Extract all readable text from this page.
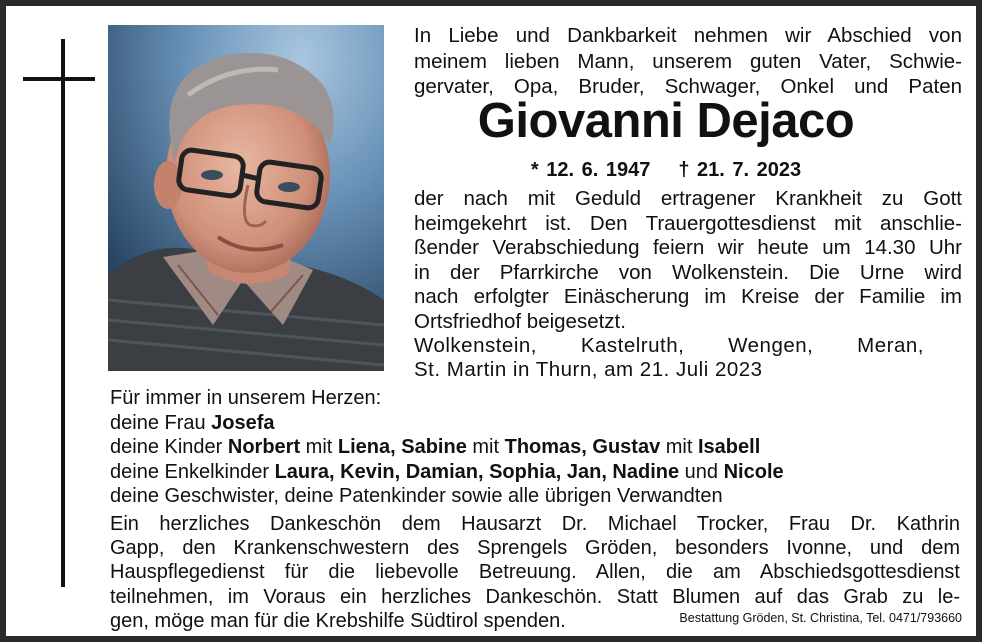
In Liebe und Dankbarkeit nehmen wir Abschied von
meinem lieben Mann, unserem guten Vater, Schwie-
gervater, Opa, Bruder, Schwager, Onkel und Paten
Giovanni Dejaco
* 12. 6. 1947 † 21. 7. 2023
der nach mit Geduld ertragener Krankheit zu Gott
heimgekehrt ist. Den Trauergottesdienst mit anschlie-
ßender Verabschiedung feiern wir heute um 14.30 Uhr
in der Pfarrkirche von Wolkenstein. Die Urne wird
nach erfolgter Einäscherung im Kreise der Familie im
Ortsfriedhof beigesetzt.
Wolkenstein, Kastelruth, Wengen, Meran,
St. Martin in Thurn, am 21. Juli 2023
Für immer in unserem Herzen:
deine Frau Josefa
deine Kinder Norbert mit Liena, Sabine mit Thomas, Gustav mit Isabell
deine Enkelkinder Laura, Kevin, Damian, Sophia, Jan, Nadine und Nicole
deine Geschwister, deine Patenkinder sowie alle übrigen Verwandten
Ein herzliches Dankeschön dem Hausarzt Dr. Michael Trocker, Frau Dr. Kathrin
Gapp, den Krankenschwestern des Sprengels Gröden, besonders Ivonne, und dem
Hauspflegedienst für die liebevolle Betreuung. Allen, die am Abschiedsgottesdienst
teilnehmen, im Voraus ein herzliches Dankeschön. Statt Blumen auf das Grab zu le-
gen, möge man für die Krebshilfe Südtirol spenden.	Bestattung Gröden, St. Christina, Tel. 0471/793660
